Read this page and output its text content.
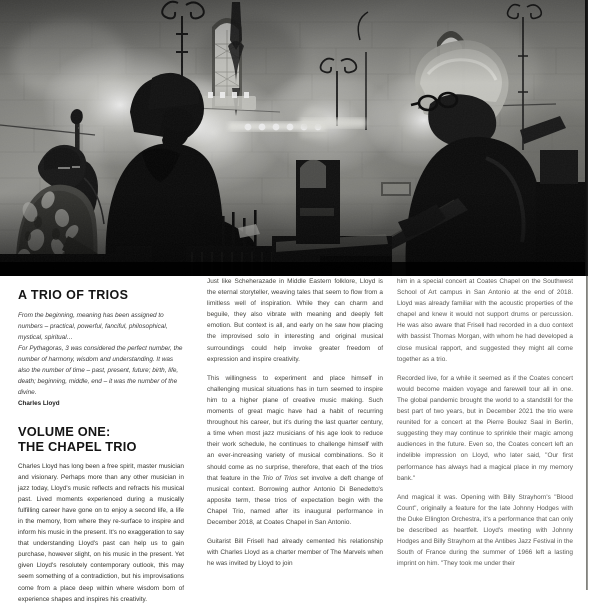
A TRIO OF TRIOS

From the beginning, meaning has been assigned to numbers – practical, powerful, fanciful, philosophical, mystical, spiritual…

For Pythagoras, 3 was considered the perfect number, the number of harmony, wisdom and understanding. It was also the number of time – past, present, future; birth, life, death; beginning, middle, end – it was the number of the divine.

Charles Lloyd
VOLUME ONE:
THE CHAPEL TRIO

Charles Lloyd has long been a free spirit, master musician and visionary. Perhaps more than any other musician in jazz today, Lloyd's music reflects and refracts his musical past. Lived moments experienced during a musically fulfilling career have gone on to enjoy a second life, a life in the memory, from where they re-surface to inspire and inform his music in the present. It's no exaggeration to say that understanding Lloyd's past can help us to gain purchase, however slight, on his music in the present. Yet given Lloyd's resolutely contemporary outlook, this may seem something of a contradiction, but his improvisations come from a place deep within where wisdom born of experience shapes and inspires his creativity.

Just like Scheherazade in Middle Eastern folklore, Lloyd is the eternal storyteller, weaving tales that seem to flow from a limitless well of inspiration. While they can charm and beguile, they also vibrate with meaning and deeply felt emotion. But context is all, and early on he saw how placing the improvised solo in interesting and original musical surroundings could help invoke greater freedom of expression and inspire creativity.

This willingness to experiment and place himself in challenging musical situations has in turn seemed to inspire him to a higher plane of creative music making. Such moments of great magic have had a habit of recurring throughout his career, but it's during the last quarter century, a time when most jazz musicians of his age look to reduce their work schedule, he continues to challenge himself with an ever-increasing variety of musical combinations. So it should come as no surprise, therefore, that each of the trios that feature in the Trio of Trios set involve a deft change of musical context. Borrowing author Antonio Di Benedetto's apposite term, these trios of expectation begin with the Chapel Trio, named after its inaugural performance in December 2018, at Coates Chapel in San Antonio.

Guitarist Bill Frisell had already cemented his relationship with Charles Lloyd as a charter member of The Marvels when he was invited by Lloyd to join

him in a special concert at Coates Chapel on the Southwest School of Art campus in San Antonio at the end of 2018. Lloyd was already familiar with the acoustic properties of the chapel and knew it would not support drums or percussion. He was also aware that Frisell had recorded in a duo context with bassist Thomas Morgan, with whom he had developed a close musical rapport, and suggested they might all come together as a trio.

Recorded live, for a while it seemed as if the Coates concert would become maiden voyage and farewell tour all in one. The global pandemic brought the world to a standstill for the best part of two years, but in December 2021 the trio were reunited for a concert at the Pierre Boulez Saal in Berlin, suggesting they may continue to sprinkle their magic among audiences in the future. Even so, the Coates concert left an indelible impression on Lloyd, who later said, "Our first performance has always had a magical place in my memory bank."

And magical it was. Opening with Billy Strayhorn's "Blood Count", originally a feature for the late Johnny Hodges with the Duke Ellington Orchestra, it's a performance that can only be described as heartfelt. Lloyd's meeting with Johnny Hodges and Billy Strayhorn at the Antibes Jazz Festival in the South of France during the summer of 1966 left a lasting imprint on him. "They took me under their
